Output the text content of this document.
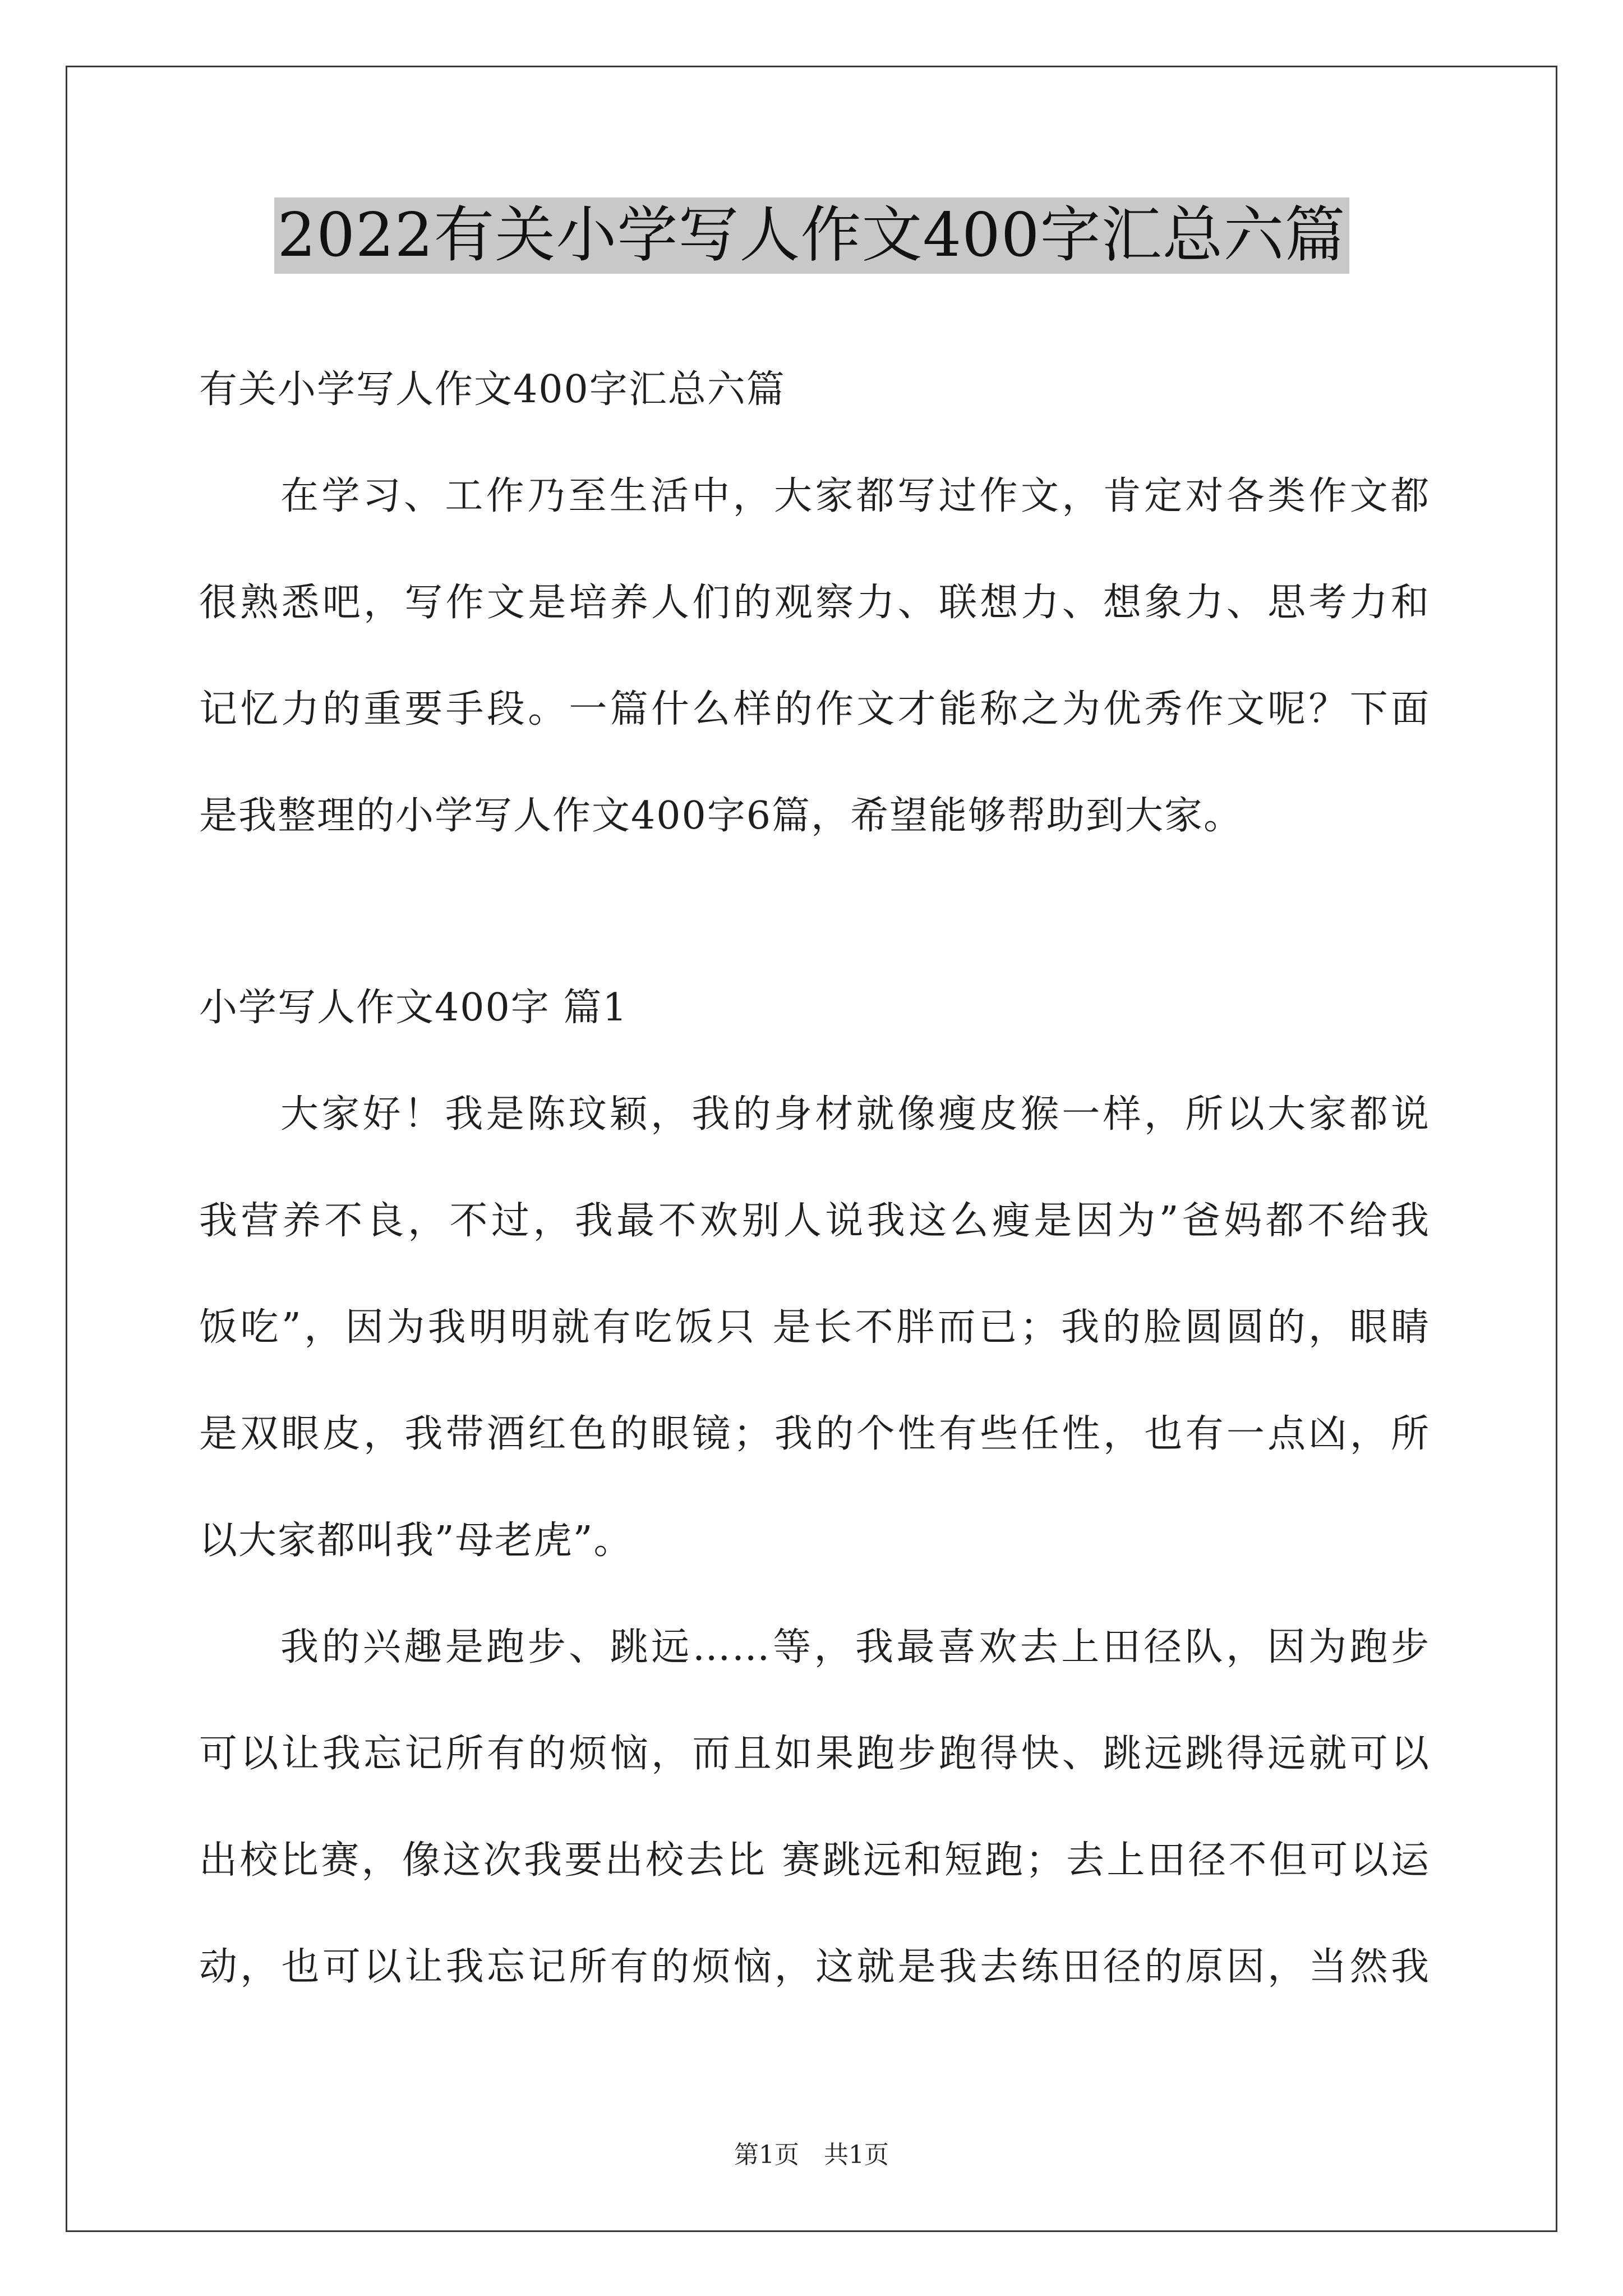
2022有关小学写人作文400字汇总六篇
有关小学写人作文400字汇总六篇
在学习、工作乃至生活中，大家都写过作文，肯定对各类作文都
很熟悉吧，写作文是培养人们的观察力、联想力、想象力、思考力和
记忆力的重要手段。一篇什么样的作文才能称之为优秀作文呢？下面
是我整理的小学写人作文400字6篇，希望能够帮助到大家。
小学写人作文400字 篇1
大家好！我是陈玟颖，我的身材就像瘦皮猴一样，所以大家都说
我营养不良，不过，我最不欢别人说我这么瘦是因为”爸妈都不给我
饭吃”，因为我明明就有吃饭只 是长不胖而已；我的脸圆圆的，眼睛
是双眼皮，我带酒红色的眼镜；我的个性有些任性，也有一点凶，所
以大家都叫我”母老虎”。
我的兴趣是跑步、跳远……等，我最喜欢去上田径队，因为跑步
可以让我忘记所有的烦恼，而且如果跑步跑得快、跳远跳得远就可以
出校比赛，像这次我要出校去比 赛跳远和短跑；去上田径不但可以运
动，也可以让我忘记所有的烦恼，这就是我去练田径的原因，当然我
第1页　共1页
